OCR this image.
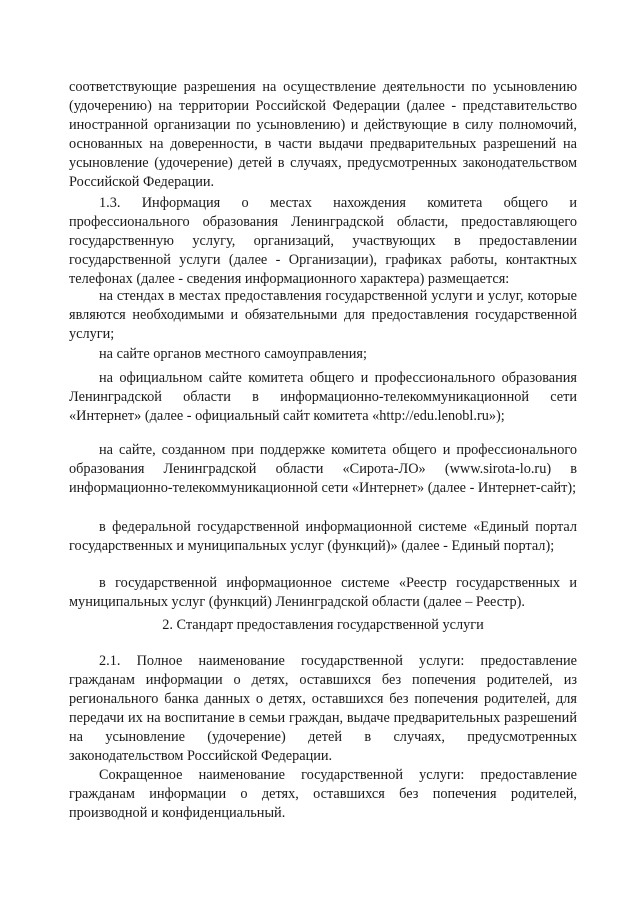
соответствующие разрешения на осуществление деятельности по усыновлению (удочерению) на территории Российской Федерации (далее - представительство иностранной организации по усыновлению) и действующие в силу полномочий, основанных на доверенности, в части выдачи предварительных разрешений на усыновление (удочерение) детей в случаях, предусмотренных законодательством Российской Федерации.

1.3. Информация о местах нахождения комитета общего и профессионального образования Ленинградской области, предоставляющего государственную услугу, организаций, участвующих в предоставлении государственной услуги (далее - Организации), графиках работы, контактных телефонах (далее - сведения информационного характера) размещается:

на стендах в местах предоставления государственной услуги и услуг, которые являются необходимыми и обязательными для предоставления государственной услуги;

на сайте органов местного самоуправления;

на официальном сайте комитета общего и профессионального образования Ленинградской области в информационно-телекоммуникационной сети «Интернет» (далее - официальный сайт комитета «http://edu.lenobl.ru»);

на сайте, созданном при поддержке комитета общего и профессионального образования Ленинградской области «Сирота-ЛО» (www.sirota-lo.ru) в информационно-телекоммуникационной сети «Интернет» (далее - Интернет-сайт);

в федеральной государственной информационной системе «Единый портал государственных и муниципальных услуг (функций)» (далее - Единый портал);

в государственной информационное системе «Реестр государственных и муниципальных услуг (функций) Ленинградской области (далее – Реестр).

2. Стандарт предоставления государственной услуги

2.1. Полное наименование государственной услуги: предоставление гражданам информации о детях, оставшихся без попечения родителей, из регионального банка данных о детях, оставшихся без попечения родителей, для передачи их на воспитание в семьи граждан, выдаче предварительных разрешений на усыновление (удочерение) детей в случаях, предусмотренных законодательством Российской Федерации.

Сокращенное наименование государственной услуги: предоставление гражданам информации о детях, оставшихся без попечения родителей, производной и конфиденциальный.
